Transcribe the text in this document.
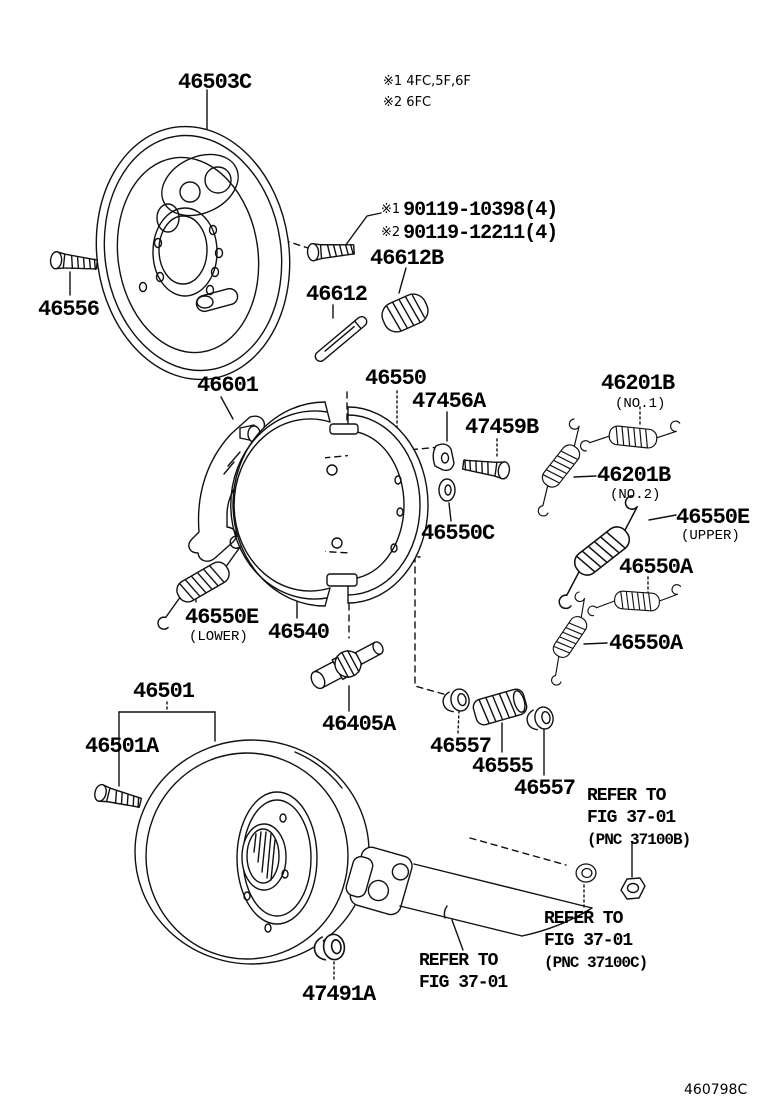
46503C	※1 4FC,5F,6F
※2 6FC
※1 90119-10398(4)
※2 90119-12211(4)
46612B
46612
46556
46601	46550
47456A
47459B
46201B
(NO.1)
46201B
(NO.2)
46550E
(UPPER)
46550A
46550C
46550E
(LOWER) 46540	46550A
46501
46501A
46405A
46557
46555
46557
47491A
REFER TO
FIG 37-01
(PNC 37100B)
REFER TO
FIG 37-01
(PNC 37100C)
REFER TO
FIG 37-01
460798C
